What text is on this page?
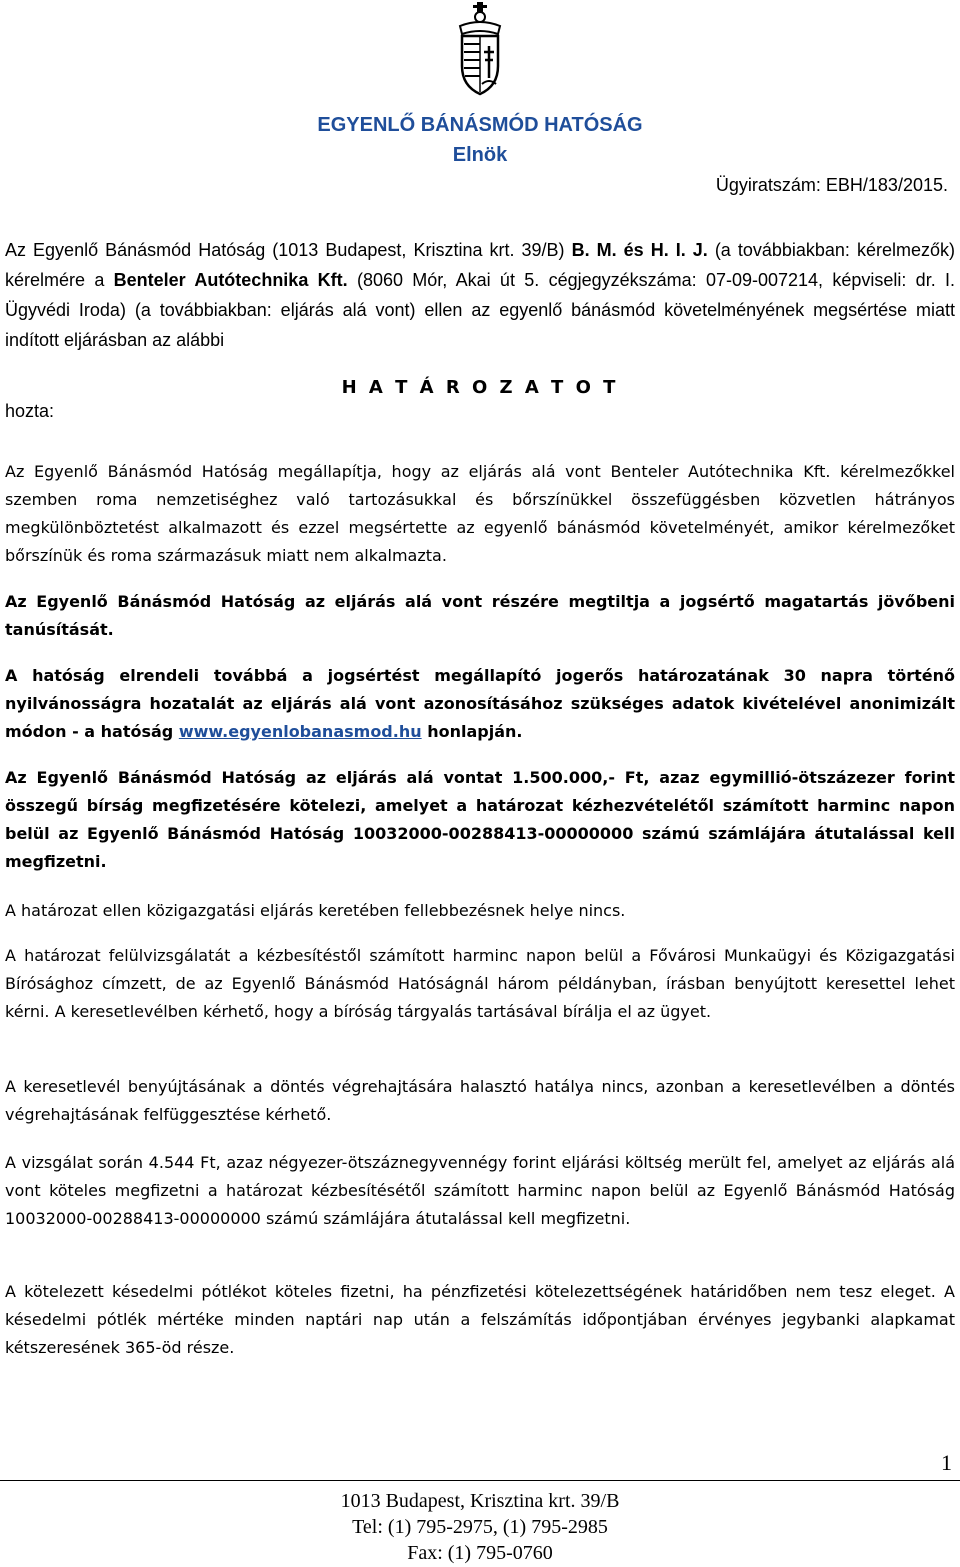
EGYENLŐ BÁNÁSMÓD HATÓSÁG
Elnök
Ügyiratszám: EBH/183/2015.

Az Egyenlő Bánásmód Hatóság (1013 Budapest, Krisztina krt. 39/B) B. M. és H. I. J. (a továbbiakban: kérelmezők) kérelmére a Benteler Autótechnika Kft. (8060 Mór, Akai út 5. cégjegyzékszáma: 07-09-007214, képviseli: dr. I. Ügyvédi Iroda) (a továbbiakban: eljárás alá vont) ellen az egyenlő bánásmód követelményének megsértése miatt indított eljárásban az alábbi

H A T Á R O Z A T O T
hozta:

Az Egyenlő Bánásmód Hatóság megállapítja, hogy az eljárás alá vont Benteler Autótechnika Kft. kérelmezőkkel szemben roma nemzetiséghez való tartozásukkal és bőrszínükkel összefüggésben közvetlen hátrányos megkülönböztetést alkalmazott és ezzel megsértette az egyenlő bánásmód követelményét, amikor kérelmezőket bőrszínük és roma származásuk miatt nem alkalmazta.

Az Egyenlő Bánásmód Hatóság az eljárás alá vont részére megtiltja a jogsértő magatartás jövőbeni tanúsítását.

A hatóság elrendeli továbbá a jogsértést megállapító jogerős határozatának 30 napra történő nyilvánosságra hozatalát az eljárás alá vont azonosításához szükséges adatok kivételével anonimizált módon - a hatóság www.egyenlobanasmod.hu honlapján.

Az Egyenlő Bánásmód Hatóság az eljárás alá vontat 1.500.000,- Ft, azaz egymillió-ötszázezer forint összegű bírság megfizetésére kötelezi, amelyet a határozat kézhezvételétől számított harminc napon belül az Egyenlő Bánásmód Hatóság 10032000-00288413-00000000 számú számlájára átutalással kell megfizetni.

A határozat ellen közigazgatási eljárás keretében fellebbezésnek helye nincs.

A határozat felülvizsgálatát a kézbesítéstől számított harminc napon belül a Fővárosi Munkaügyi és Közigazgatási Bírósághoz címzett, de az Egyenlő Bánásmód Hatóságnál három példányban, írásban benyújtott keresettel lehet kérni. A keresetlevélben kérhető, hogy a bíróság tárgyalás tartásával bírálja el az ügyet.

A keresetlevél benyújtásának a döntés végrehajtására halasztó hatálya nincs, azonban a keresetlevélben a döntés végrehajtásának felfüggesztése kérhető.

A vizsgálat során 4.544 Ft, azaz négyezer-ötszáznegyvennégy forint eljárási költség merült fel, amelyet az eljárás alá vont köteles megfizetni a határozat kézbesítésétől számított harminc napon belül az Egyenlő Bánásmód Hatóság 10032000-00288413-00000000 számú számlájára átutalással kell megfizetni.

A kötelezett késedelmi pótlékot köteles fizetni, ha pénzfizetési kötelezettségének határidőben nem tesz eleget. A késedelmi pótlék mértéke minden naptári nap után a felszámítás időpontjában érvényes jegybanki alapkamat kétszeresének 365-öd része.

1
1013 Budapest, Krisztina krt. 39/B
Tel: (1) 795-2975, (1) 795-2985
Fax: (1) 795-0760
